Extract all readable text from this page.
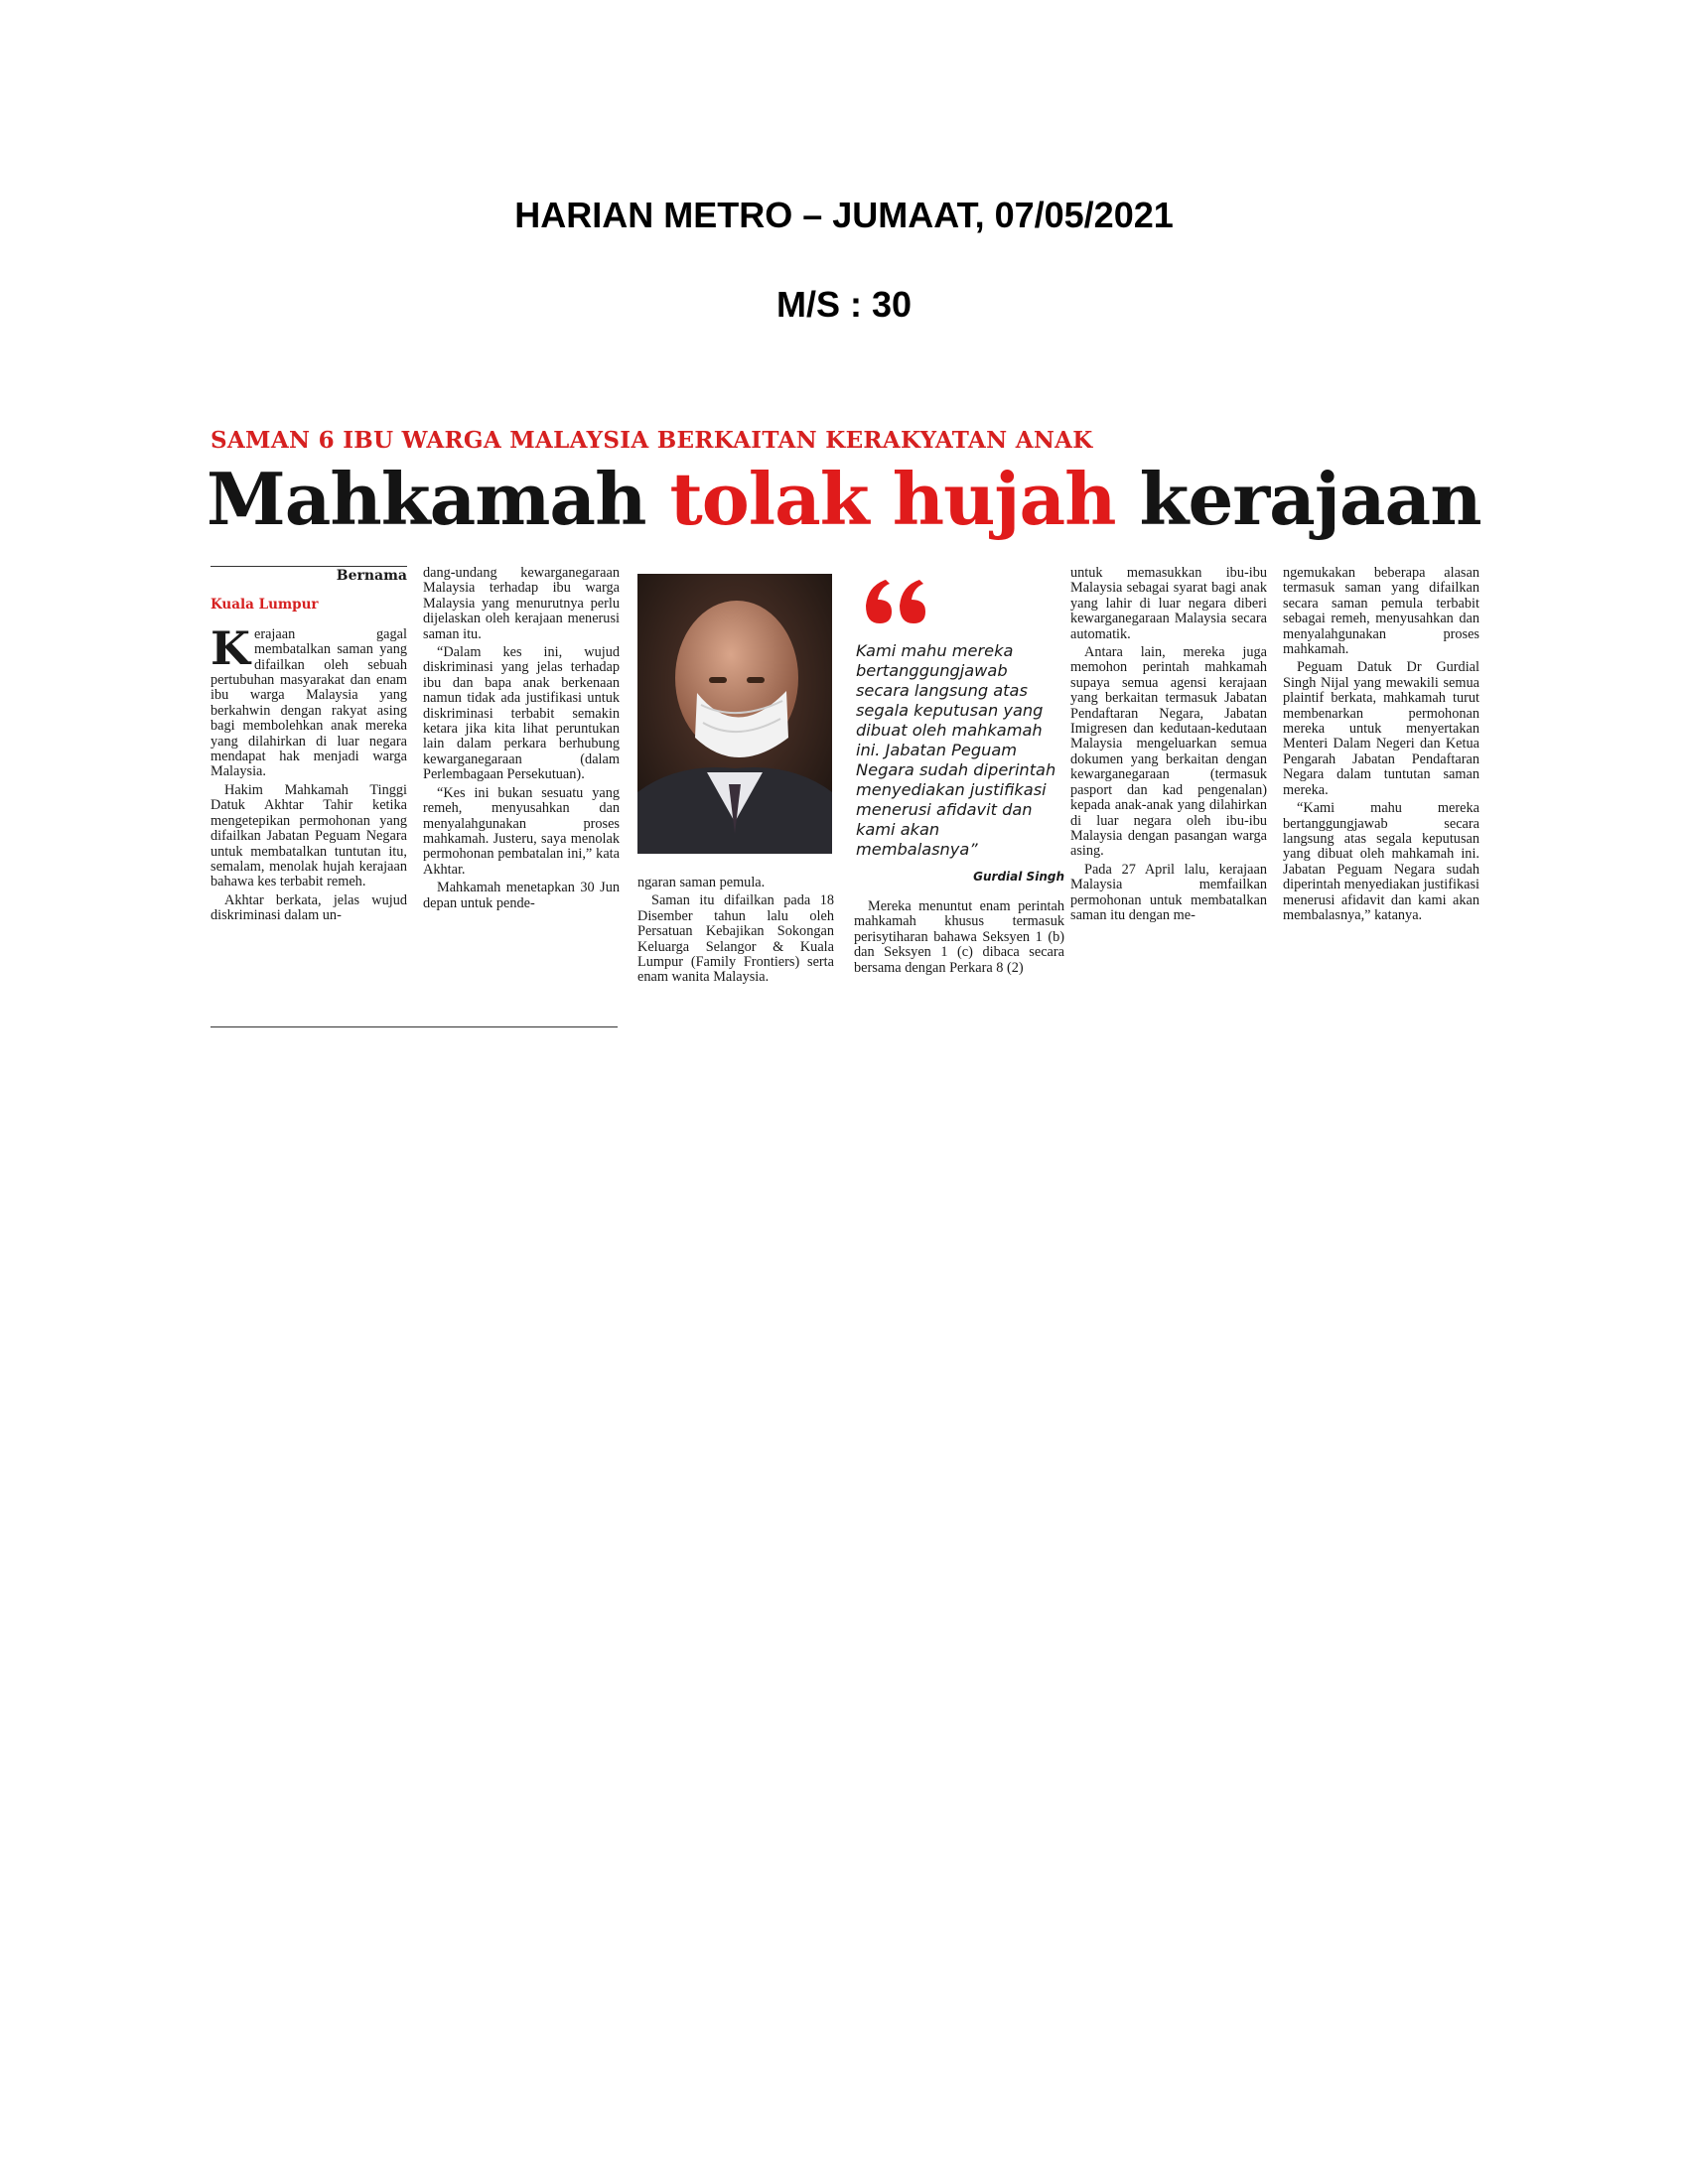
HARIAN METRO – JUMAAT, 07/05/2021
M/S : 30
SAMAN 6 IBU WARGA MALAYSIA BERKAITAN KERAKYATAN ANAK
Mahkamah tolak hujah kerajaan
Bernama
Kuala Lumpur

Kerajaan gagal membatalkan saman yang difailkan oleh sebuah pertubuhan masyarakat dan enam ibu warga Malaysia yang berkahwin dengan rakyat asing bagi membolehkan anak mereka yang dilahirkan di luar negara mendapat hak menjadi warga Malaysia.

Hakim Mahkamah Tinggi Datuk Akhtar Tahir ketika mengetepikan permohonan yang difailkan Jabatan Peguam Negara untuk membatalkan tuntutan itu, semalam, menolak hujah kerajaan bahawa kes terbabit remeh.

Akhtar berkata, jelas wujud diskriminasi dalam un-

dang-undang kewarganegaraan Malaysia terhadap ibu warga Malaysia yang menurutnya perlu dijelaskan oleh kerajaan menerusi saman itu.

“Dalam kes ini, wujud diskriminasi yang jelas terhadap ibu dan bapa anak berkenaan namun tidak ada justifikasi untuk diskriminasi terbabit semakin ketara jika kita lihat peruntukan lain dalam perkara berhubung kewarganegaraan (dalam Perlembagaan Persekutuan).

“Kes ini bukan sesuatu yang remeh, menyusahkan dan menyalahgunakan proses mahkamah. Justeru, saya menolak permohonan pembatalan ini,” kata Akhtar.

Mahkamah menetapkan 30 Jun depan untuk pende-

ngaran saman pemula.

Saman itu difailkan pada 18 Disember tahun lalu oleh Persatuan Kebajikan Sokongan Keluarga Selangor & Kuala Lumpur (Family Frontiers) serta enam wanita Malaysia.

Kami mahu mereka bertanggungjawab secara langsung atas segala keputusan yang dibuat oleh mahkamah ini. Jabatan Peguam Negara sudah diperintah menyediakan justifikasi menerusi afidavit dan kami akan membalasnya”
Gurdial Singh

Mereka menuntut enam perintah mahkamah khusus termasuk perisytiharan bahawa Seksyen 1 (b) dan Seksyen 1 (c) dibaca secara bersama dengan Perkara 8 (2)

untuk memasukkan ibu-ibu Malaysia sebagai syarat bagi anak yang lahir di luar negara diberi kewarganegaraan Malaysia secara automatik.

Antara lain, mereka juga memohon perintah mahkamah supaya semua agensi kerajaan yang berkaitan termasuk Jabatan Pendaftaran Negara, Jabatan Imigresen dan kedutaan-kedutaan Malaysia mengeluarkan semua dokumen yang berkaitan dengan kewarganegaraan (termasuk pasport dan kad pengenalan) kepada anak-anak yang dilahirkan di luar negara oleh ibu-ibu Malaysia dengan pasangan warga asing.

Pada 27 April lalu, kerajaan Malaysia memfailkan permohonan untuk membatalkan saman itu dengan me-

ngemukakan beberapa alasan termasuk saman yang difailkan secara saman pemula terbabit sebagai remeh, menyusahkan dan menyalahgunakan proses mahkamah.

Peguam Datuk Dr Gurdial Singh Nijal yang mewakili semua plaintif berkata, mahkamah turut membenarkan permohonan mereka untuk menyertakan Menteri Dalam Negeri dan Ketua Pengarah Jabatan Pendaftaran Negara dalam tuntutan saman mereka.

“Kami mahu mereka bertanggungjawab secara langsung atas segala keputusan yang dibuat oleh mahkamah ini. Jabatan Peguam Negara sudah diperintah menyediakan justifikasi menerusi afidavit dan kami akan membalasnya,” katanya.
